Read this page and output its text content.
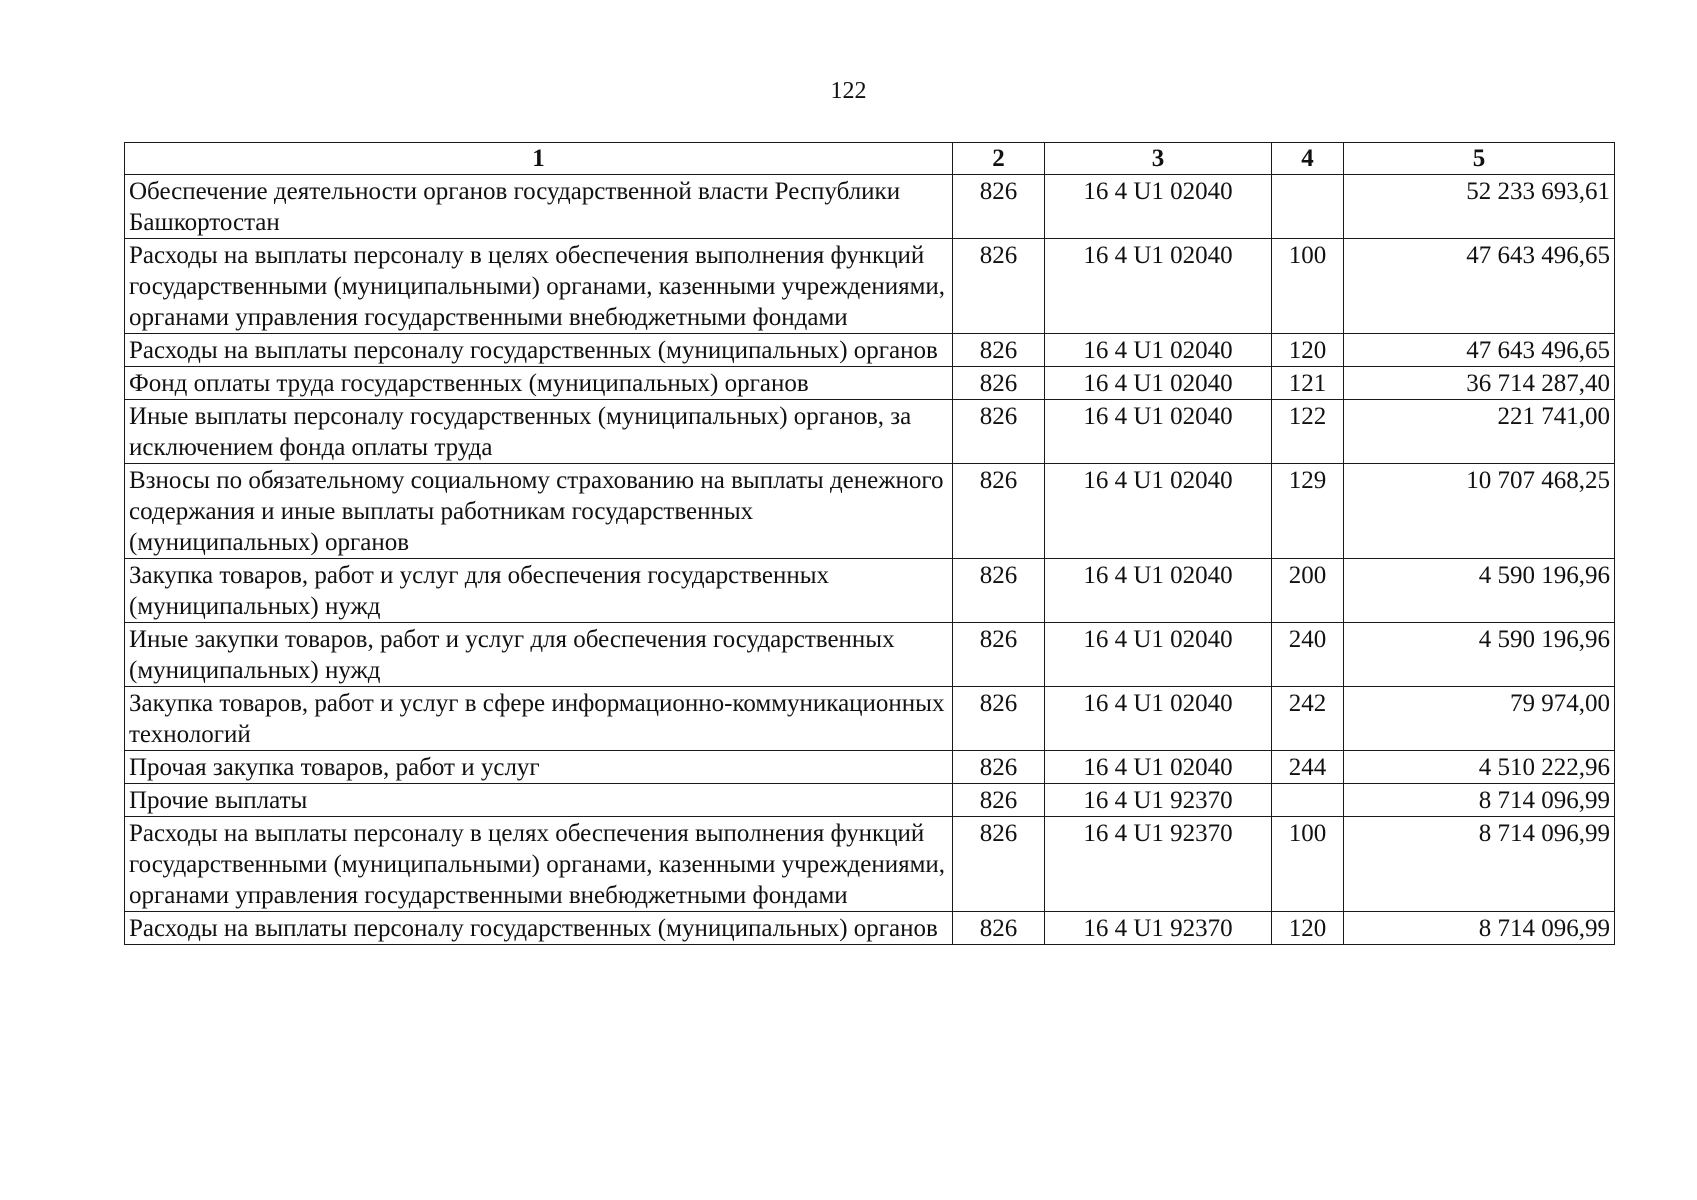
122
1	2	3	4	5
Обеспечение деятельности органов государственной власти Республики Башкортостан	826	16 4 U1 02040		52 233 693,61
Расходы на выплаты персоналу в целях обеспечения выполнения функций государственными (муниципальными) органами, казенными учреждениями, органами управления государственными внебюджетными фондами	826	16 4 U1 02040	100	47 643 496,65
Расходы на выплаты персоналу государственных (муниципальных) органов	826	16 4 U1 02040	120	47 643 496,65
Фонд оплаты труда государственных (муниципальных) органов	826	16 4 U1 02040	121	36 714 287,40
Иные выплаты персоналу государственных (муниципальных) органов, за исключением фонда оплаты труда	826	16 4 U1 02040	122	221 741,00
Взносы по обязательному социальному страхованию на выплаты денежного содержания и иные выплаты работникам государственных (муниципальных) органов	826	16 4 U1 02040	129	10 707 468,25
Закупка товаров, работ и услуг для обеспечения государственных (муниципальных) нужд	826	16 4 U1 02040	200	4 590 196,96
Иные закупки товаров, работ и услуг для обеспечения государственных (муниципальных) нужд	826	16 4 U1 02040	240	4 590 196,96
Закупка товаров, работ и услуг в сфере информационно-коммуникационных технологий	826	16 4 U1 02040	242	79 974,00
Прочая закупка товаров, работ и услуг	826	16 4 U1 02040	244	4 510 222,96
Прочие выплаты	826	16 4 U1 92370		8 714 096,99
Расходы на выплаты персоналу в целях обеспечения выполнения функций государственными (муниципальными) органами, казенными учреждениями, органами управления государственными внебюджетными фондами	826	16 4 U1 92370	100	8 714 096,99
Расходы на выплаты персоналу государственных (муниципальных) органов	826	16 4 U1 92370	120	8 714 096,99
